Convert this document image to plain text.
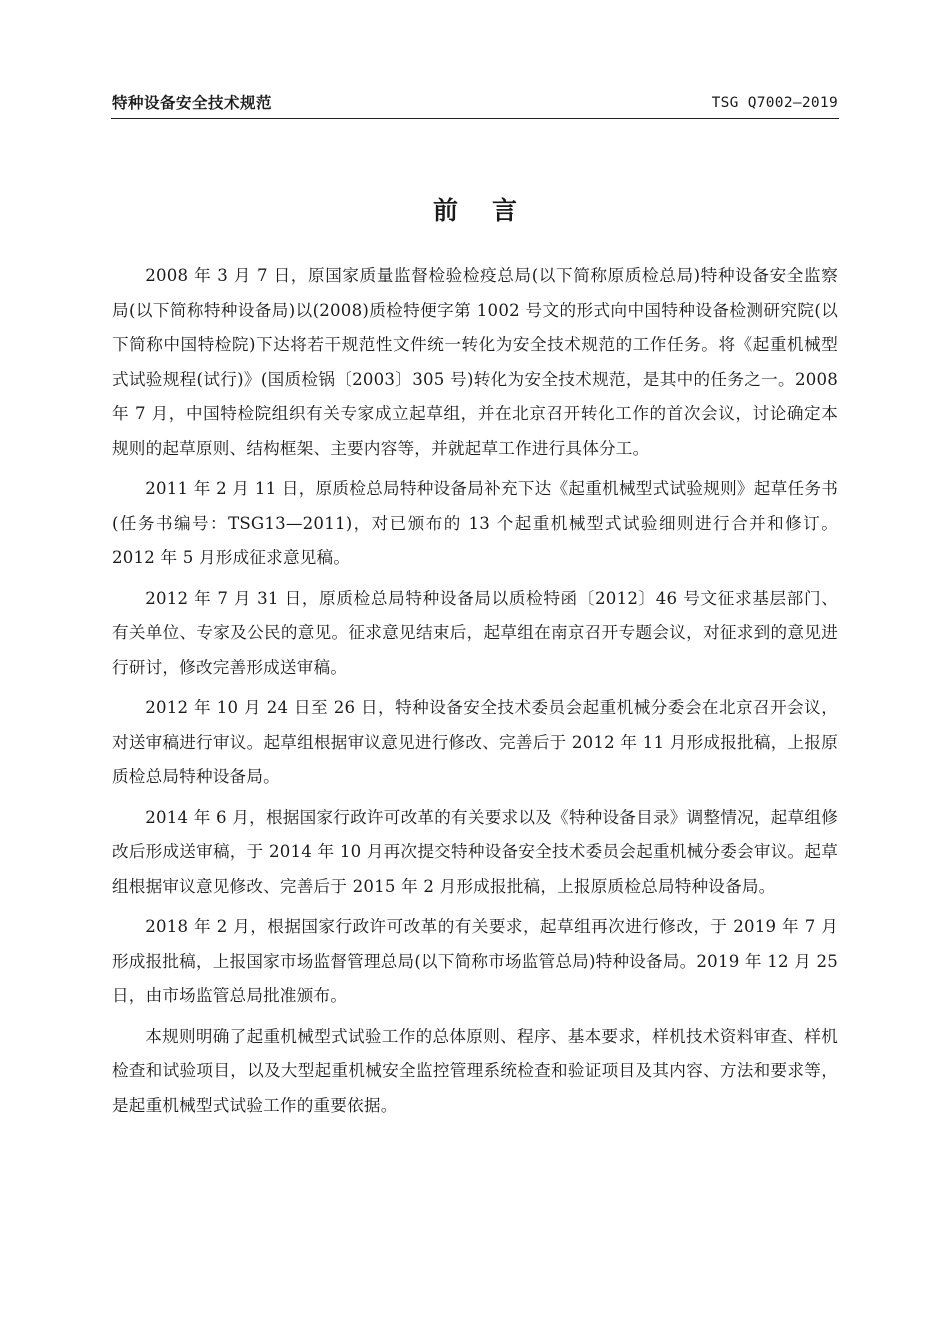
特种设备安全技术规范	TSG Q7002—2019
前言

2008 年 3 月 7 日，原国家质量监督检验检疫总局(以下简称原质检总局)特种设备安全监察局(以下简称特种设备局)以(2008)质检特便字第 1002 号文的形式向中国特种设备检测研究院(以下简称中国特检院)下达将若干规范性文件统一转化为安全技术规范的工作任务。将《起重机械型式试验规程(试行)》(国质检锅〔2003〕305 号)转化为安全技术规范，是其中的任务之一。2008 年 7 月，中国特检院组织有关专家成立起草组，并在北京召开转化工作的首次会议，讨论确定本规则的起草原则、结构框架、主要内容等，并就起草工作进行具体分工。

2011 年 2 月 11 日，原质检总局特种设备局补充下达《起重机械型式试验规则》起草任务书(任务书编号：TSG13—2011)，对已颁布的 13 个起重机械型式试验细则进行合并和修订。2012 年 5 月形成征求意见稿。

2012 年 7 月 31 日，原质检总局特种设备局以质检特函〔2012〕46 号文征求基层部门、有关单位、专家及公民的意见。征求意见结束后，起草组在南京召开专题会议，对征求到的意见进行研讨，修改完善形成送审稿。

2012 年 10 月 24 日至 26 日，特种设备安全技术委员会起重机械分委会在北京召开会议，对送审稿进行审议。起草组根据审议意见进行修改、完善后于 2012 年 11 月形成报批稿，上报原质检总局特种设备局。

2014 年 6 月，根据国家行政许可改革的有关要求以及《特种设备目录》调整情况，起草组修改后形成送审稿，于 2014 年 10 月再次提交特种设备安全技术委员会起重机械分委会审议。起草组根据审议意见修改、完善后于 2015 年 2 月形成报批稿，上报原质检总局特种设备局。

2018 年 2 月，根据国家行政许可改革的有关要求，起草组再次进行修改，于 2019 年 7 月形成报批稿，上报国家市场监督管理总局(以下简称市场监管总局)特种设备局。2019 年 12 月 25 日，由市场监管总局批准颁布。

本规则明确了起重机械型式试验工作的总体原则、程序、基本要求，样机技术资料审查、样机检查和试验项目，以及大型起重机械安全监控管理系统检查和验证项目及其内容、方法和要求等，是起重机械型式试验工作的重要依据。
